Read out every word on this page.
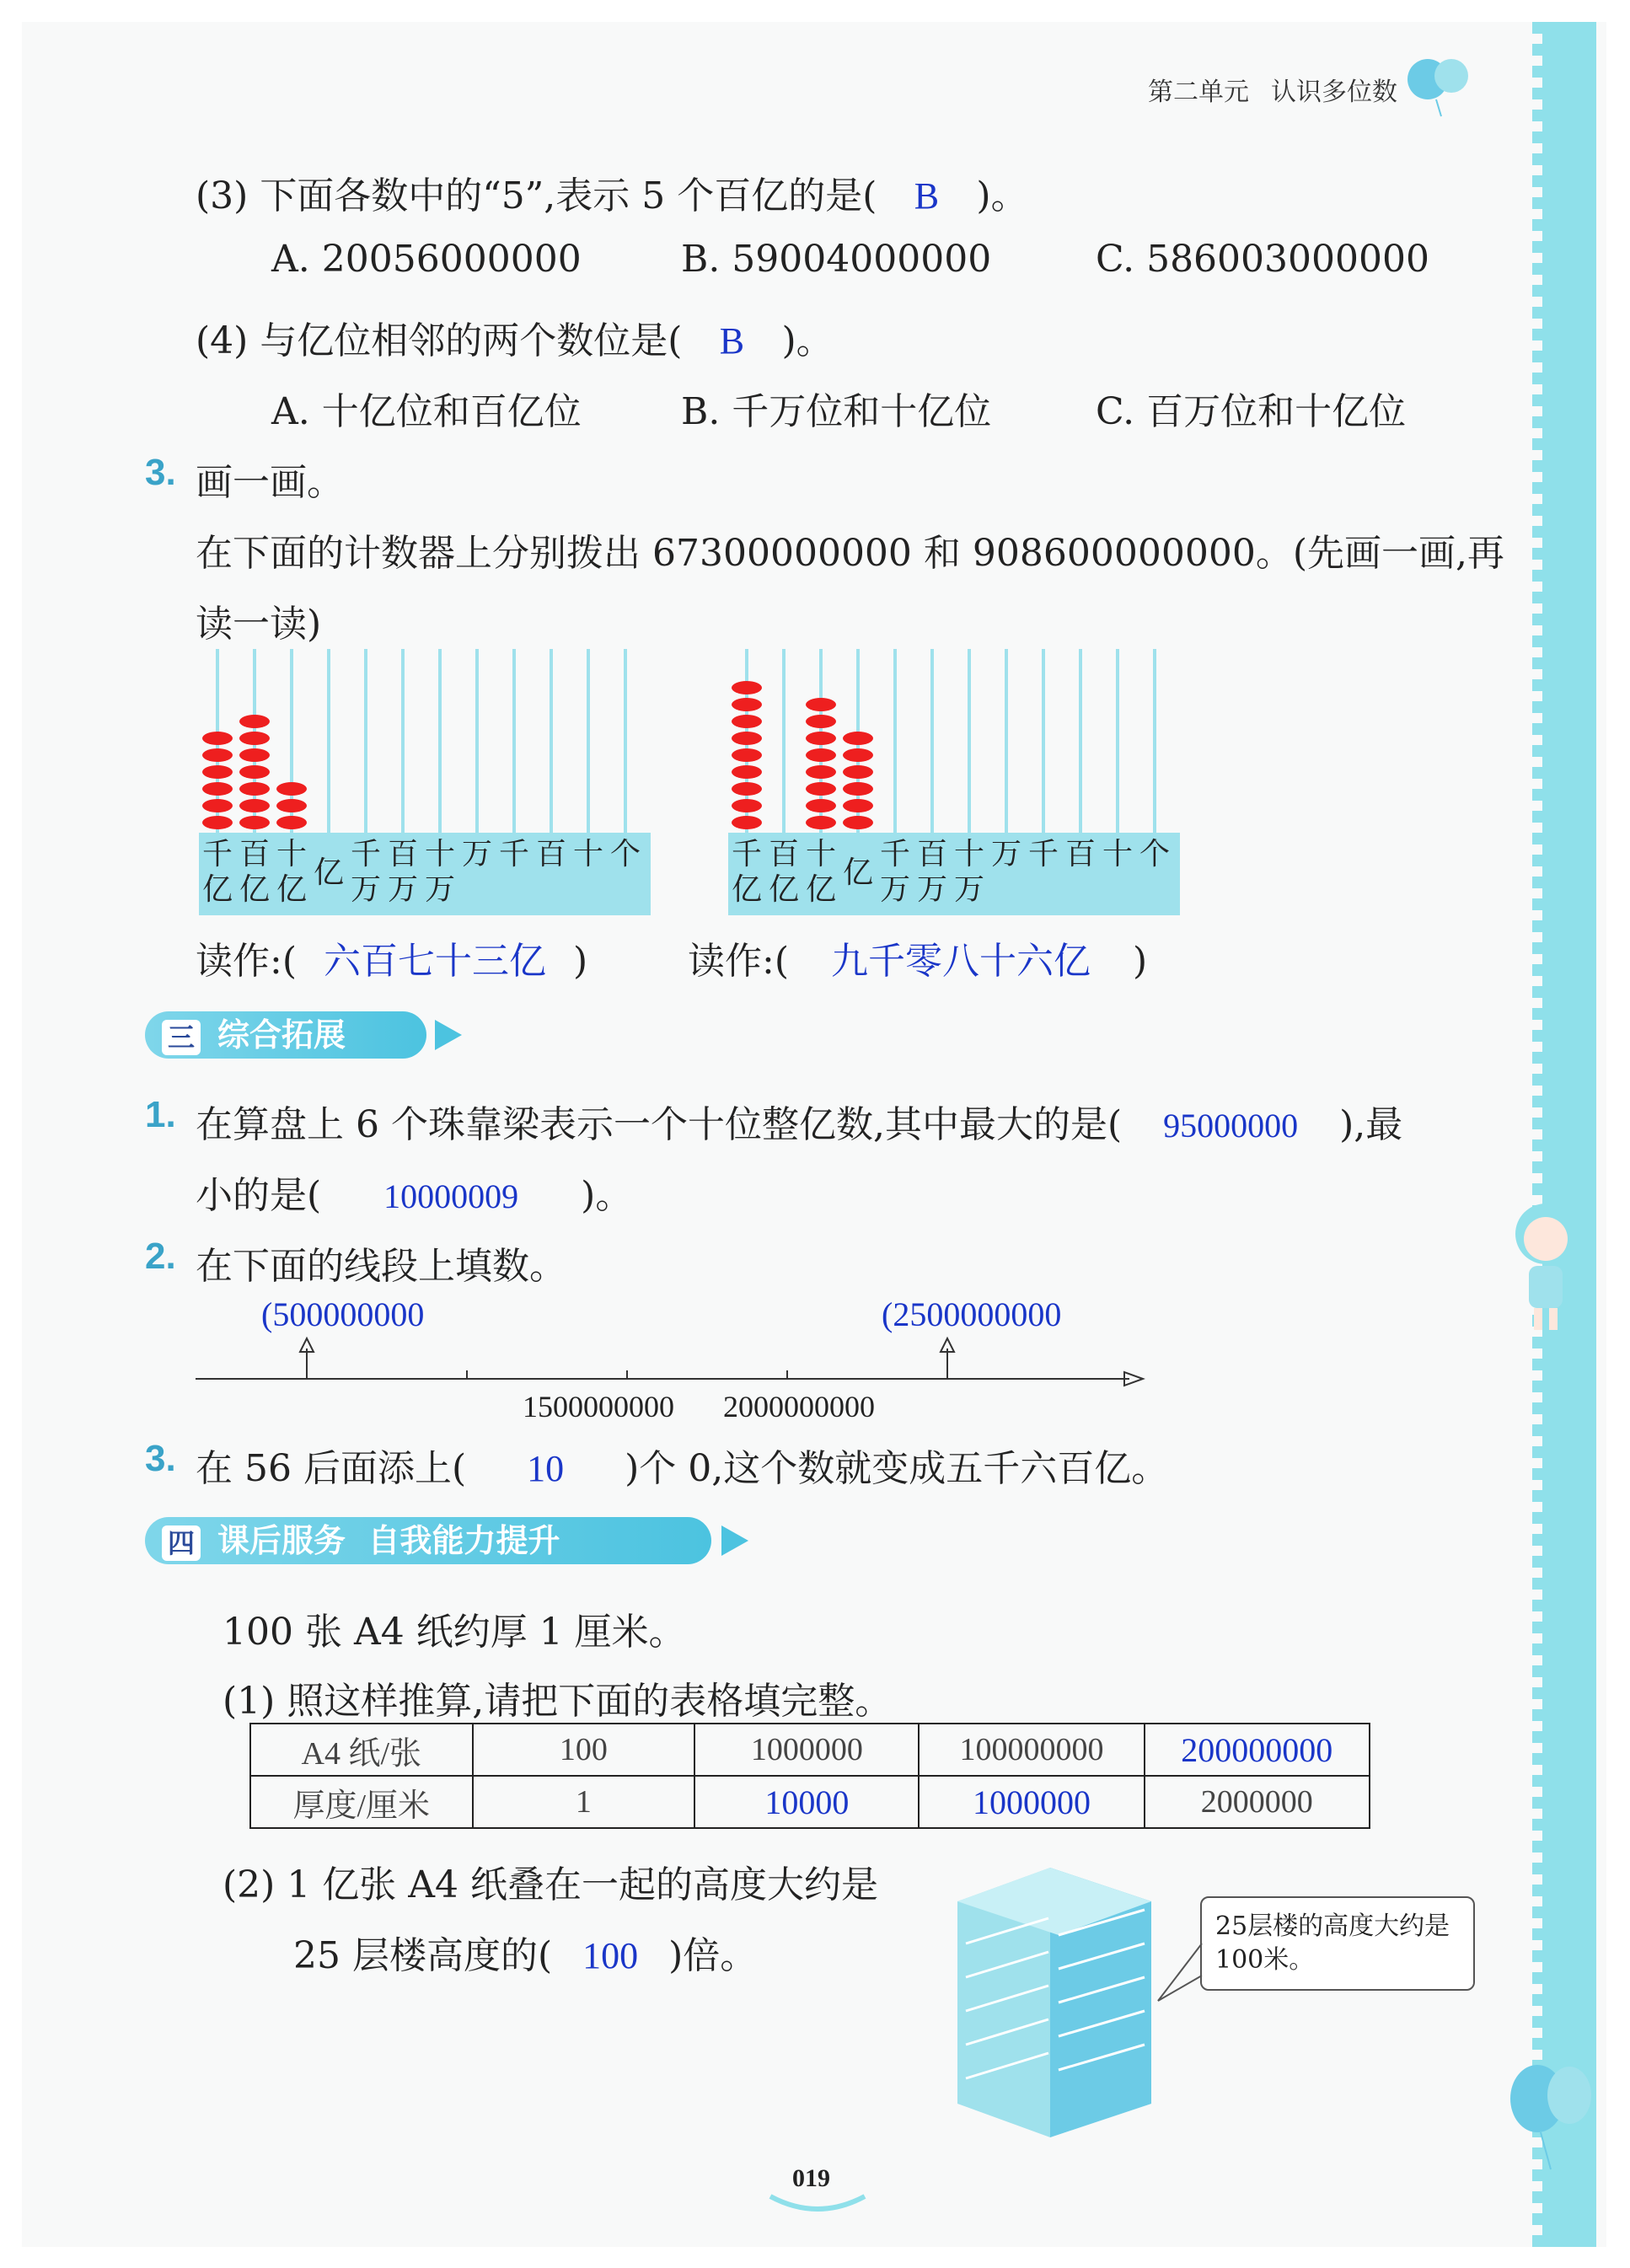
第二单元 认识多位数
(3) 下面各数中的“5”,表示 5 个百亿的是( B )。
A. 20056000000	B. 59004000000	C. 586003000000
(4) 与亿位相邻的两个数位是( B )。
A. 十亿位和百亿位	B. 千万位和十亿位	C. 百万位和十亿位
3. 画一画。
在下面的计数器上分别拨出 67300000000 和 908600000000。(先画一画,再
读一读)
千
亿
百
亿
十
亿 亿
千
万
百
万
十
万
万 千 百 十 个	千
亿
百
亿
十
亿 亿
千
万
百
万
十
万
万 千 百 十 个
读作:( 六百七十三亿 )	读作:( 九千零八十六亿 )
三 综合拓展
1. 在算盘上 6 个珠靠梁表示一个十位整亿数,其中最大的是( 95000000 ),最
小的是( 10000009 )。
2. 在下面的线段上填数。
(500000000	(2500000000
1500000000 2000000000
3. 在 56 后面添上( 10 )个 0,这个数就变成五千六百亿。
四 课后服务  自我能力提升
100 张 A4 纸约厚 1 厘米。
(1) 照这样推算,请把下面的表格填完整。
A4 纸/张	100	1000000	100000000	200000000
厚度/厘米	1	10000	1000000	2000000
(2) 1 亿张 A4 纸叠在一起的高度大约是
25 层楼高度的( 100 )倍。
25层楼的高度大约是100米。
019
